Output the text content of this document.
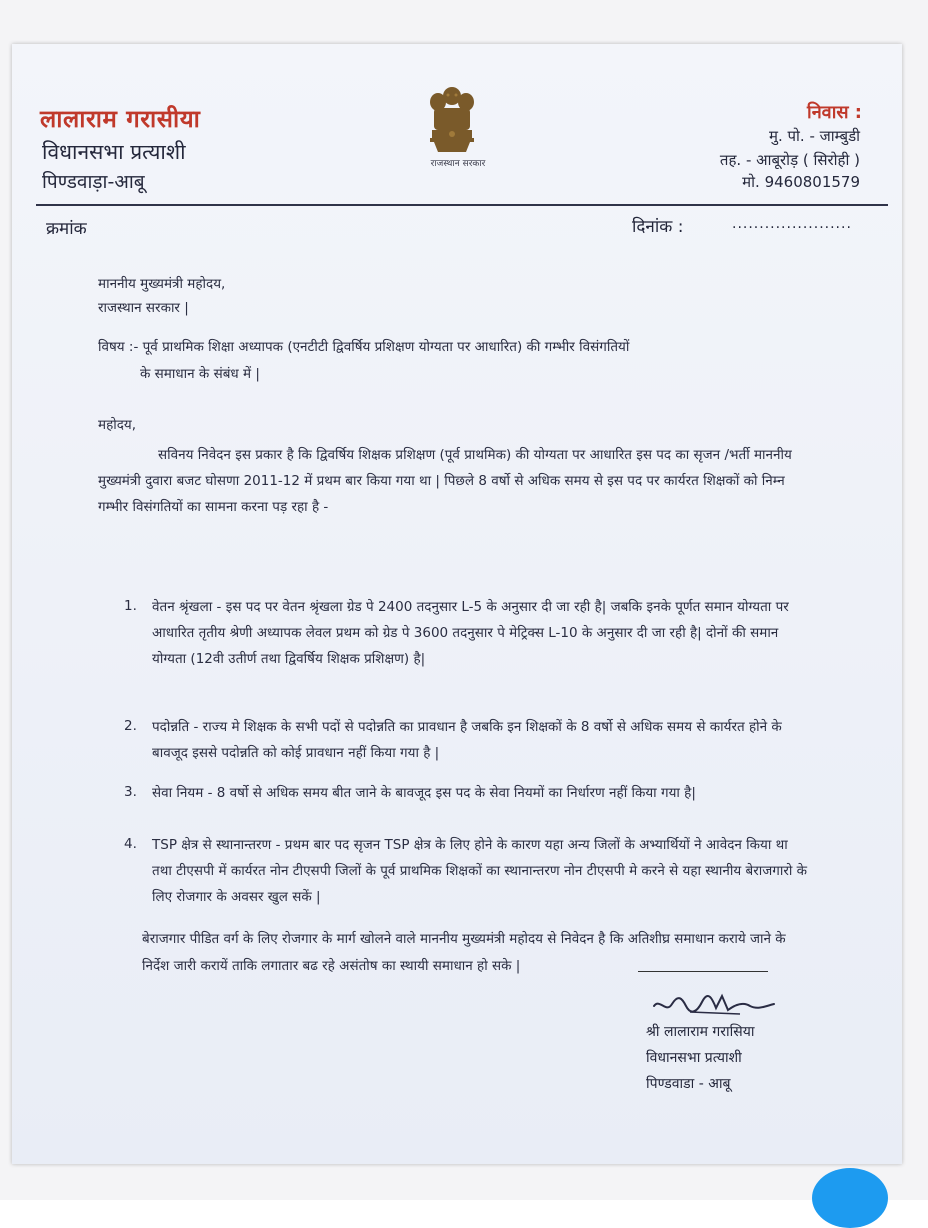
लालाराम गरासीया
विधानसभा प्रत्याशी
पिण्डवाड़ा-आबू
राजस्थान सरकार
निवास :
मु. पो. - जाम्बुडी
तह. - आबूरोड़ ( सिरोही )
मो. 9460801579
क्रमांक	दिनांक :	......................
माननीय मुख्यमंत्री महोदय,
राजस्थान सरकार |
विषय :- पूर्व प्राथमिक शिक्षा अध्यापक (एनटीटी द्विवर्षिय प्रशिक्षण योग्यता पर आधारित) की गम्भीर विसंगतियों
के समाधान के संबंध में |
महोदय,
सविनय निवेदन इस प्रकार है कि द्विवर्षिय शिक्षक प्रशिक्षण (पूर्व प्राथमिक) की योग्यता पर आधारित इस पद का सृजन /भर्ती माननीय मुख्यमंत्री दुवारा बजट घोसणा 2011-12 में प्रथम बार किया गया था | पिछले 8 वर्षो से अधिक समय से इस पद पर कार्यरत शिक्षकों को निम्न गम्भीर विसंगतियों का सामना करना पड़ रहा है -
1.	वेतन श्रृंखला - इस पद पर वेतन श्रृंखला ग्रेड पे 2400 तदनुसार L-5 के अनुसार दी जा रही है| जबकि इनके पूर्णत समान योग्यता पर आधारित तृतीय श्रेणी अध्यापक लेवल प्रथम को ग्रेड पे 3600 तदनुसार पे मेट्रिक्स L-10 के अनुसार दी जा रही है| दोनों की समान योग्यता (12वी उतीर्ण तथा द्विवर्षिय शिक्षक प्रशिक्षण) है|
2.	पदोन्नति - राज्य मे शिक्षक के सभी पदों से पदोन्नति का प्रावधान है जबकि इन शिक्षकों के 8 वर्षो से अधिक समय से कार्यरत होने के बावजूद इससे पदोन्नति को कोई प्रावधान नहीं किया गया है |
3.	सेवा नियम - 8 वर्षो से अधिक समय बीत जाने के बावजूद इस पद के सेवा नियमों का निर्धारण नहीं किया गया है|
4.	TSP क्षेत्र से स्थानान्तरण - प्रथम बार पद सृजन TSP क्षेत्र के लिए होने के कारण यहा अन्य जिलों के अभ्यार्थियों ने आवेदन किया था तथा टीएसपी में कार्यरत नोन टीएसपी जिलों के पूर्व प्राथमिक शिक्षकों का स्थानान्तरण नोन टीएसपी मे करने से यहा स्थानीय बेराजगारो के लिए रोजगार के अवसर खुल सकें |
बेराजगार पीडित वर्ग के लिए रोजगार के मार्ग खोलने वाले माननीय मुख्यमंत्री महोदय से निवेदन है कि अतिशीघ्र समाधान कराये जाने के निर्देश जारी करायें ताकि लगातार बढ रहे असंतोष का स्थायी समाधान हो सके |
श्री लालाराम गरासिया
विधानसभा प्रत्याशी
पिण्डवाडा - आबू
